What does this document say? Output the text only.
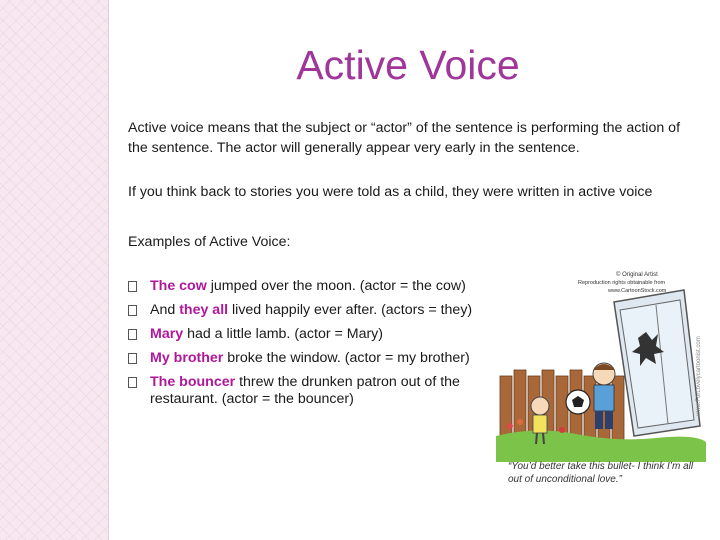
Active Voice

Active voice means that the subject or “actor” of the sentence is performing the action of the sentence. The actor will generally appear very early in the sentence.

If you think back to stories you were told as a child, they were written in active voice

Examples of Active Voice:

The cow jumped over the moon. (actor = the cow)
And they all lived happily ever after. (actors = they)
Mary had a little lamb. (actor = Mary)
My brother broke the window. (actor = my brother)
The bouncer threw the drunken patron out of the restaurant. (actor = the bouncer)
© Original Artist
Reproduction rights obtainable from
www.CartoonStock.com
www.ForLovelycartoonist.com
“You’d better take this bullet- I think I’m all out of unconditional love.”
